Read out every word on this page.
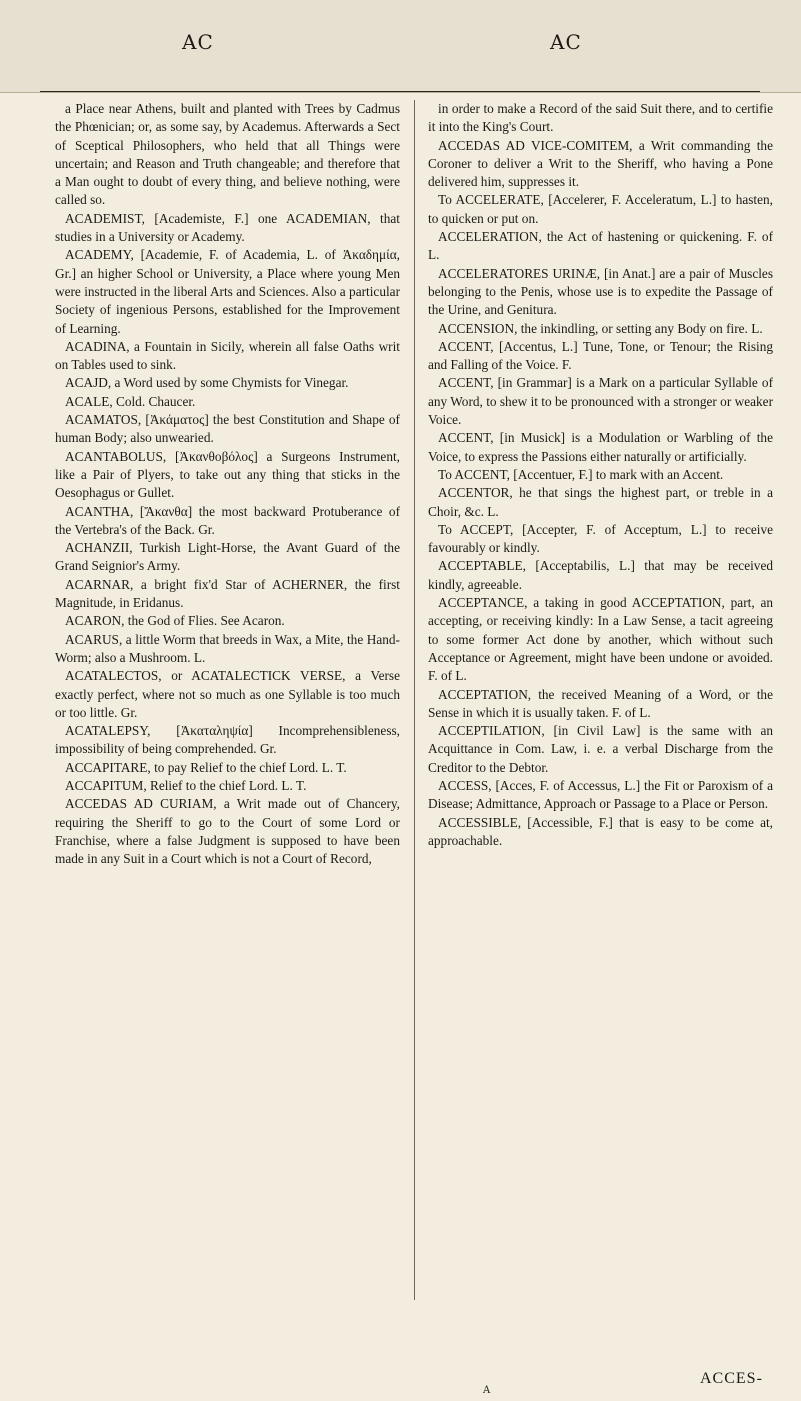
AC	AC

a Place near Athens, built and planted with Trees by Cadmus the Phœnician; or, as some say, by Academus. Afterwards a Sect of Sceptical Philosophers, who held that all Things were uncertain; and Reason and Truth changeable; and therefore that a Man ought to doubt of every thing, and believe nothing, were called so.

ACADEMIST, [Academiste, F.] one ACADEMIAN, that studies in a University or Academy.

ACADEMY, [Academie, F. of Academia, L. of Ἀκαδημία, Gr.] an higher School or University, a Place where young Men were instructed in the liberal Arts and Sciences. Also a particular Society of ingenious Persons, established for the Improvement of Learning.

ACADINA, a Fountain in Sicily, wherein all false Oaths writ on Tables used to sink.

ACAJD, a Word used by some Chymists for Vinegar.

ACALE, Cold. Chaucer.

ACAMATOS, [Ἀκάματος] the best Constitution and Shape of human Body; also unwearied.

ACANTABOLUS, [Ἀκανθοβόλος] a Surgeons Instrument, like a Pair of Plyers, to take out any thing that sticks in the Oesophagus or Gullet.

ACANTHA, [Ἄκανθα] the most backward Protuberance of the Vertebra's of the Back. Gr.

ACHANZII, Turkish Light-Horse, the Avant Guard of the Grand Seignior's Army.

ACARNAR, a bright fix'd Star of ACHERNER, the first Magnitude, in Eridanus.

ACARON, the God of Flies. See Acaron.

ACARUS, a little Worm that breeds in Wax, a Mite, the Hand-Worm; also a Mushroom. L.

ACATALECTOS, or ACATALECTICK VERSE, a Verse exactly perfect, where not so much as one Syllable is too much or too little. Gr.

ACATALEPSY, [Ἀκαταληψία] Incomprehensibleness, impossibility of being comprehended. Gr.

ACCAPITARE, to pay Relief to the chief Lord. L. T.

ACCAPITUM, Relief to the chief Lord. L. T.

ACCEDAS AD CURIAM, a Writ made out of Chancery, requiring the Sheriff to go to the Court of some Lord or Franchise, where a false Judgment is supposed to have been made in any Suit in a Court which is not a Court of Record,

in order to make a Record of the said Suit there, and to certifie it into the King's Court.

ACCEDAS AD VICE-COMITEM, a Writ commanding the Coroner to deliver a Writ to the Sheriff, who having a Pone delivered him, suppresses it.

To ACCELERATE, [Accelerer, F. Acceleratum, L.] to hasten, to quicken or put on.

ACCELERATION, the Act of hastening or quickening. F. of L.

ACCELERATORES URINÆ, [in Anat.] are a pair of Muscles belonging to the Penis, whose use is to expedite the Passage of the Urine, and Genitura.

ACCENSION, the inkindling, or setting any Body on fire. L.

ACCENT, [Accentus, L.] Tune, Tone, or Tenour; the Rising and Falling of the Voice. F.

ACCENT, [in Grammar] is a Mark on a particular Syllable of any Word, to shew it to be pronounced with a stronger or weaker Voice.

ACCENT, [in Musick] is a Modulation or Warbling of the Voice, to express the Passions either naturally or artificially.

To ACCENT, [Accentuer, F.] to mark with an Accent.

ACCENTOR, he that sings the highest part, or treble in a Choir, &c. L.

To ACCEPT, [Accepter, F. of Acceptum, L.] to receive favourably or kindly.

ACCEPTABLE, [Acceptabilis, L.] that may be received kindly, agreeable.

ACCEPTANCE, a taking in good ACCEPTATION, part, an accepting, or receiving kindly: In a Law Sense, a tacit agreeing to some former Act done by another, which without such Acceptance or Agreement, might have been undone or avoided. F. of L.

ACCEPTATION, the received Meaning of a Word, or the Sense in which it is usually taken. F. of L.

ACCEPTILATION, [in Civil Law] is the same with an Acquittance in Com. Law, i. e. a verbal Discharge from the Creditor to the Debtor.

ACCESS, [Acces, F. of Accessus, L.] the Fit or Paroxism of a Disease; Admittance, Approach or Passage to a Place or Person.

ACCESSIBLE, [Accessible, F.] that is easy to be come at, approachable.

A
ACCES-
